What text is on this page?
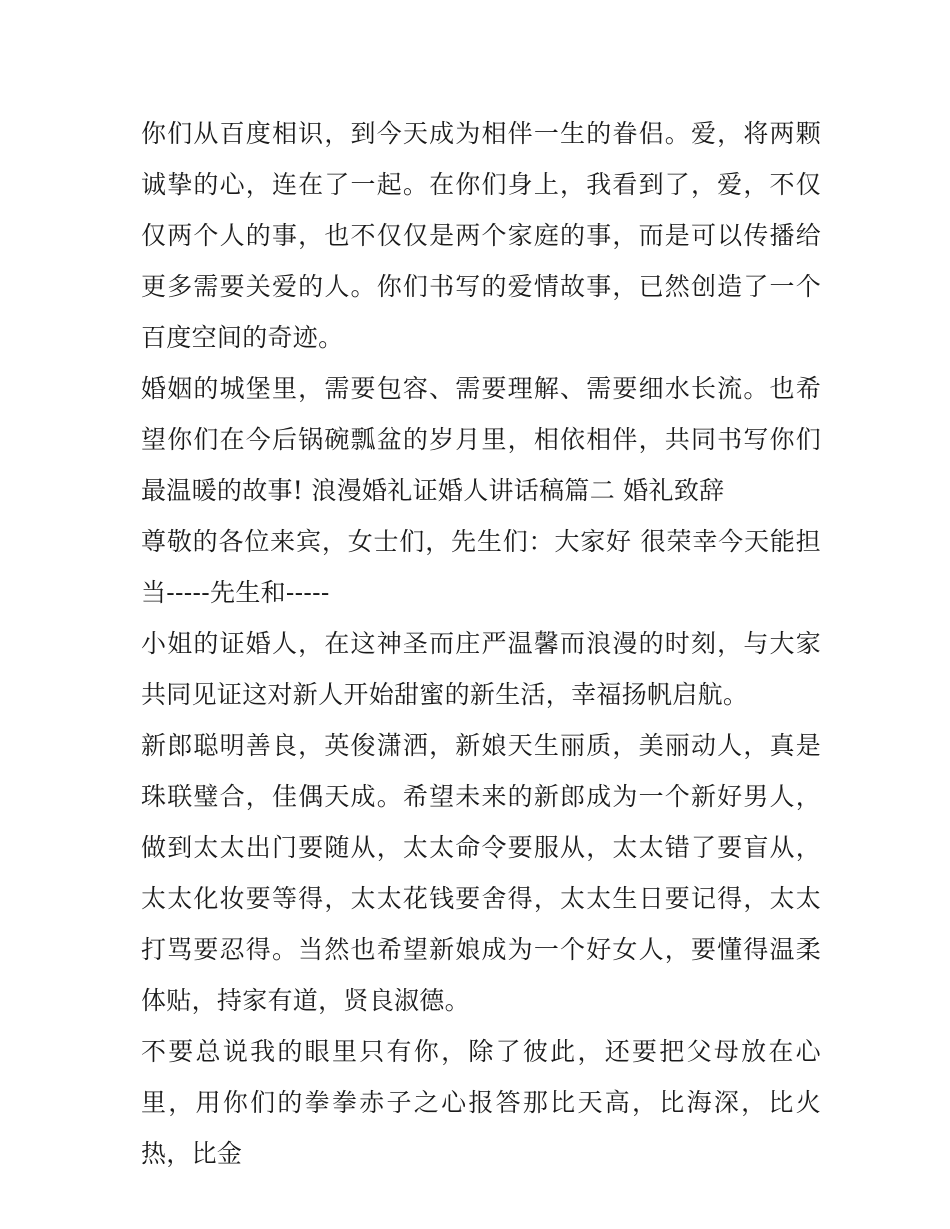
你们从百度相识，到今天成为相伴一生的眷侣。爱，将两颗诚挚的心，连在了一起。在你们身上，我看到了，爱，不仅仅两个人的事，也不仅仅是两个家庭的事，而是可以传播给更多需要关爱的人。你们书写的爱情故事，已然创造了一个百度空间的奇迹。

婚姻的城堡里，需要包容、需要理解、需要细水长流。也希望你们在今后锅碗瓢盆的岁月里，相依相伴，共同书写你们最温暖的故事! 浪漫婚礼证婚人讲话稿篇二 婚礼致辞

尊敬的各位来宾，女士们，先生们：大家好 很荣幸今天能担当-----先生和-----

小姐的证婚人，在这神圣而庄严温馨而浪漫的时刻，与大家共同见证这对新人开始甜蜜的新生活，幸福扬帆启航。

新郎聪明善良，英俊潇洒，新娘天生丽质，美丽动人，真是珠联璧合，佳偶天成。希望未来的新郎成为一个新好男人，做到太太出门要随从，太太命令要服从，太太错了要盲从，太太化妆要等得，太太花钱要舍得，太太生日要记得，太太打骂要忍得。当然也希望新娘成为一个好女人，要懂得温柔体贴，持家有道，贤良淑德。

不要总说我的眼里只有你，除了彼此，还要把父母放在心里，用你们的拳拳赤子之心报答那比天高，比海深，比火热，比金
